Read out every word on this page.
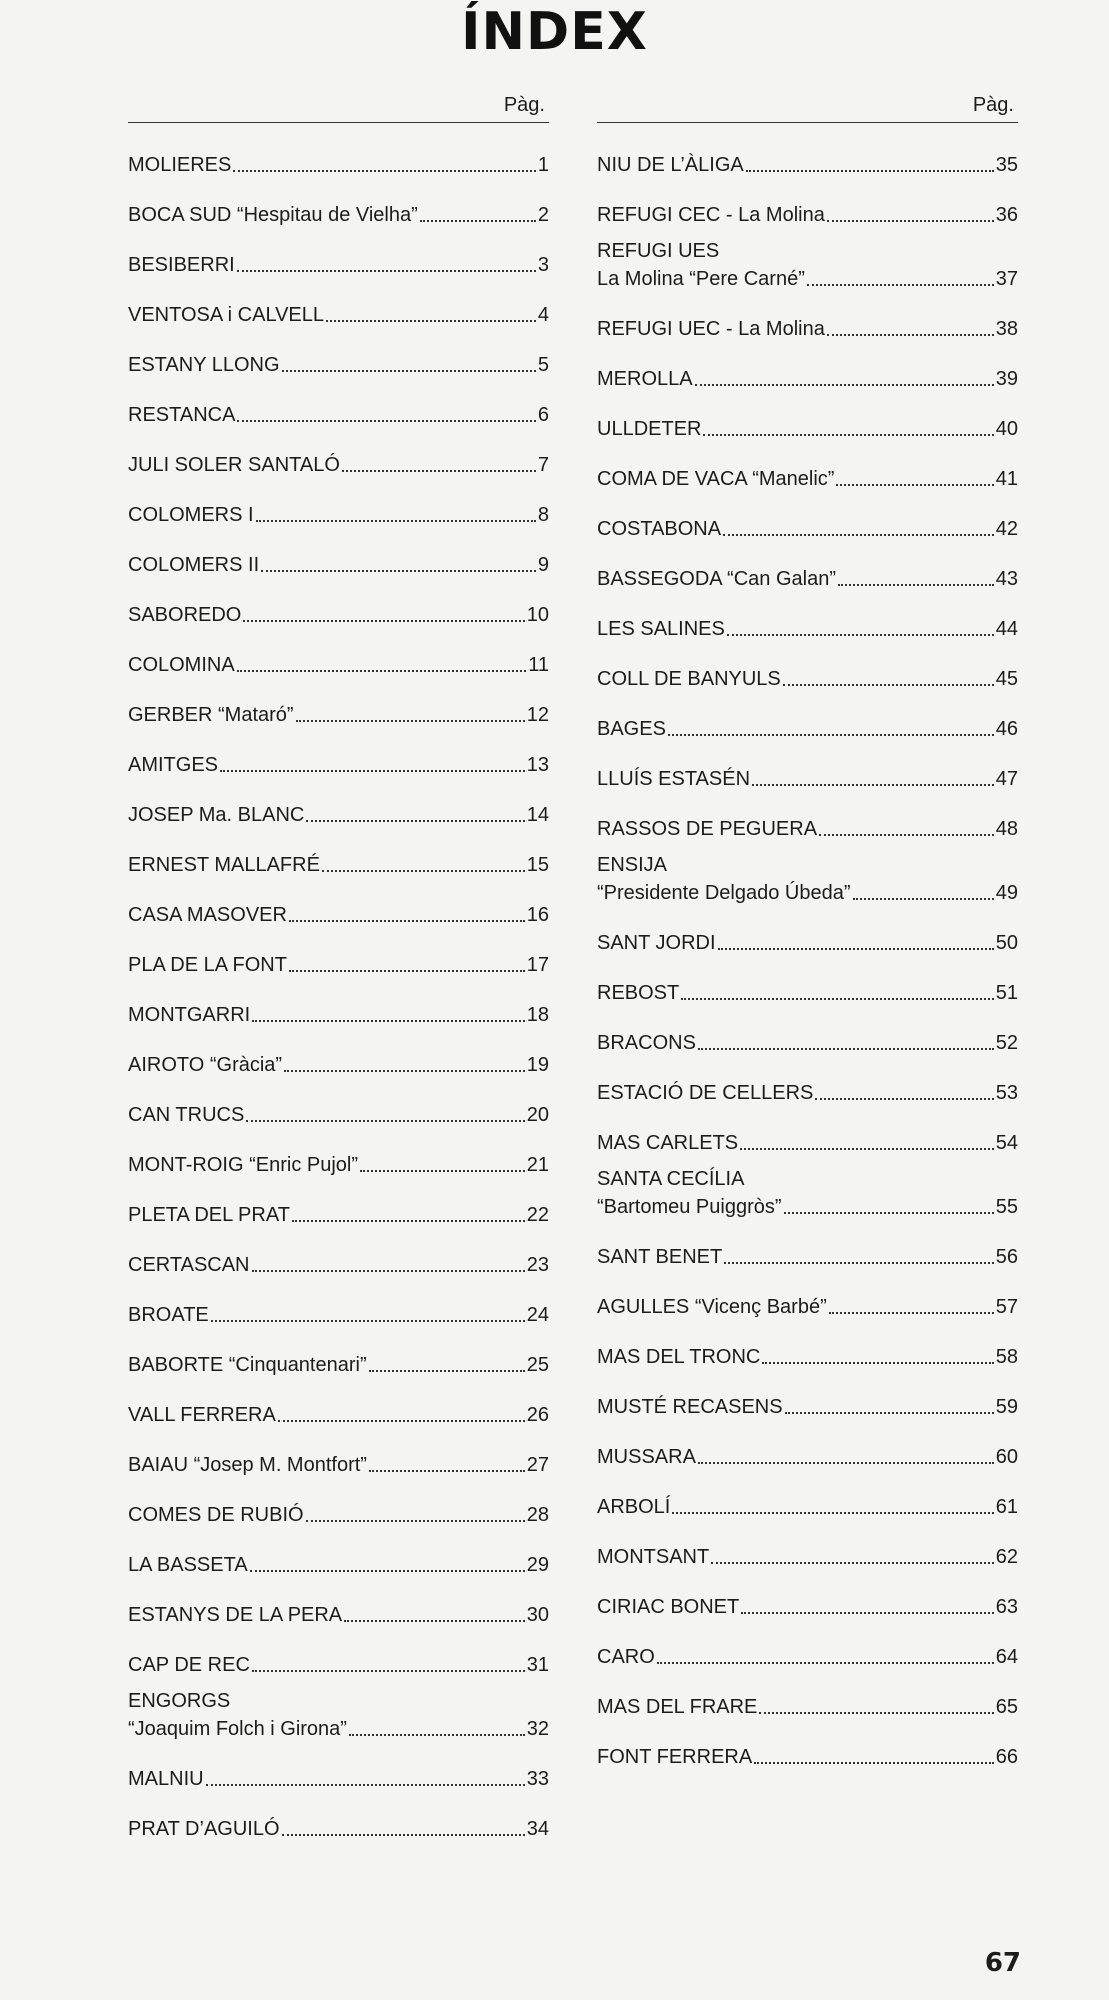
ÍNDEX
Pàg.
MOLIERES	1
BOCA SUD “Hespitau de Vielha”	2
BESIBERRI	3
VENTOSA i CALVELL	4
ESTANY LLONG	5
RESTANCA	6
JULI SOLER SANTALÓ	7
COLOMERS I	8
COLOMERS II	9
SABOREDO	10
COLOMINA	11
GERBER “Mataró”	12
AMITGES	13
JOSEP Ma. BLANC	14
ERNEST MALLAFRÉ	15
CASA MASOVER	16
PLA DE LA FONT	17
MONTGARRI	18
AIROTO “Gràcia”	19
CAN TRUCS	20
MONT-ROIG “Enric Pujol”	21
PLETA DEL PRAT	22
CERTASCAN	23
BROATE	24
BABORTE “Cinquantenari”	25
VALL FERRERA	26
BAIAU “Josep M. Montfort”	27
COMES DE RUBIÓ	28
LA BASSETA	29
ESTANYS DE LA PERA	30
CAP DE REC	31
ENGORGS
“Joaquim Folch i Girona”	32
MALNIU	33
PRAT D’AGUILÓ	34
Pàg.
NIU DE L’ÀLIGA	35
REFUGI CEC - La Molina	36
REFUGI UES
La Molina “Pere Carné”	37
REFUGI UEC - La Molina	38
MEROLLA	39
ULLDETER	40
COMA DE VACA “Manelic”	41
COSTABONA	42
BASSEGODA “Can Galan”	43
LES SALINES	44
COLL DE BANYULS	45
BAGES	46
LLUÍS ESTASÉN	47
RASSOS DE PEGUERA	48
ENSIJA
“Presidente Delgado Úbeda”	49
SANT JORDI	50
REBOST	51
BRACONS	52
ESTACIÓ DE CELLERS	53
MAS CARLETS	54
SANTA CECÍLIA
“Bartomeu Puiggròs”	55
SANT BENET	56
AGULLES “Vicenç Barbé”	57
MAS DEL TRONC	58
MUSTÉ RECASENS	59
MUSSARA	60
ARBOLÍ	61
MONTSANT	62
CIRIAC BONET	63
CARO	64
MAS DEL FRARE	65
FONT FERRERA	66
67
